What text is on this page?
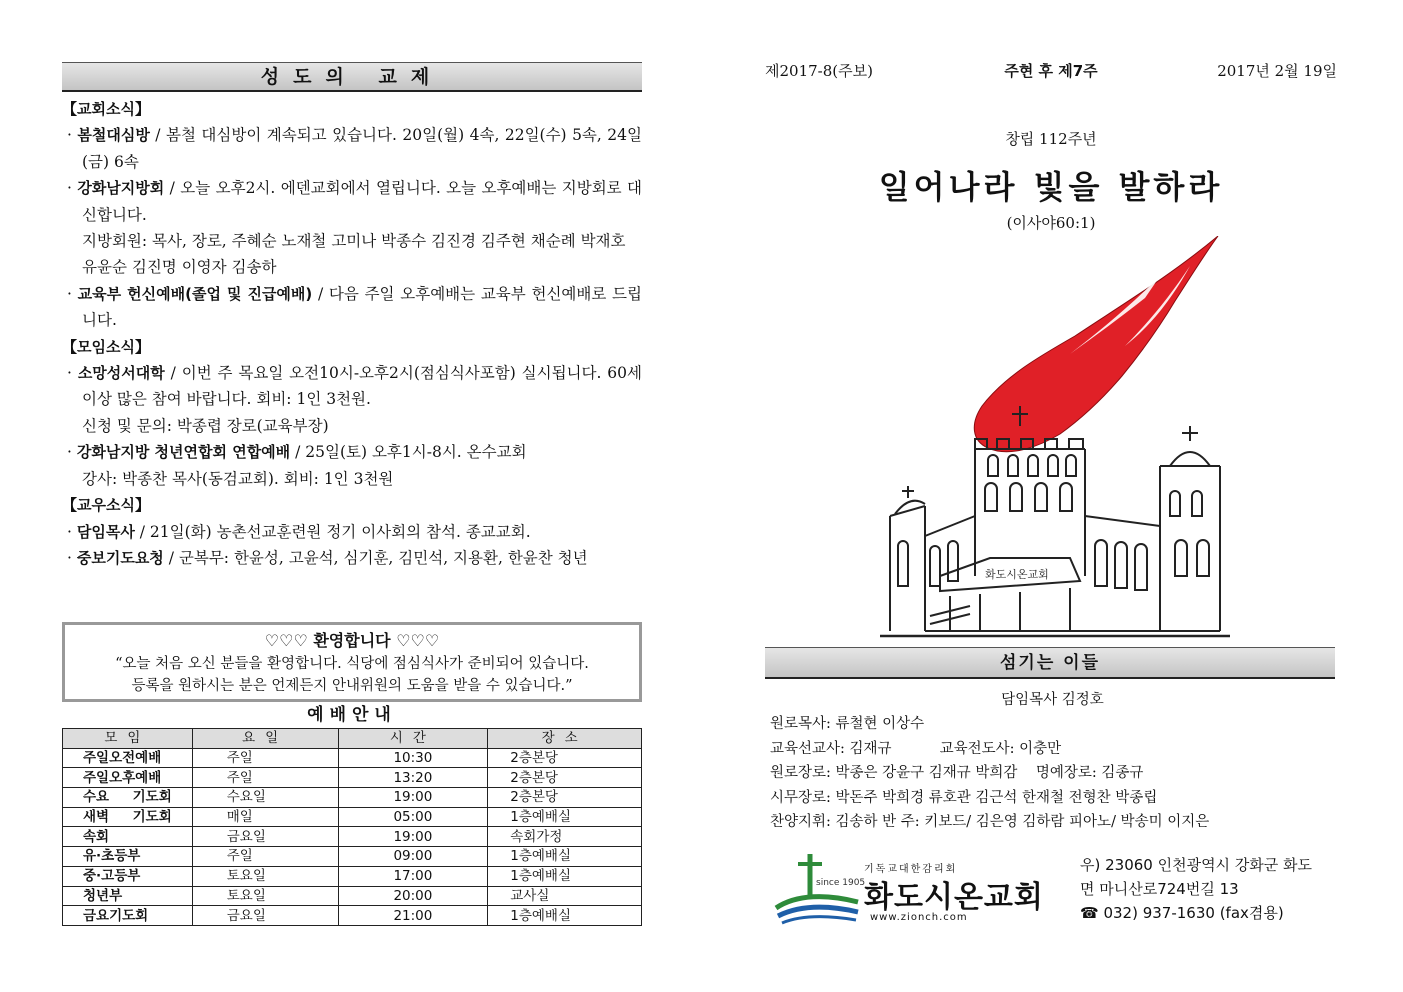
성도의 교제
【교회소식】
· 봄철대심방 / 봄철 대심방이 계속되고 있습니다. 20일(월) 4속, 22일(수) 5속, 24일(금) 6속
· 강화남지방회 / 오늘 오후2시. 에덴교회에서 열립니다. 오늘 오후예배는 지방회로 대신합니다.
지방회원: 목사, 장로, 주혜순 노재철 고미나 박종수 김진경 김주현 채순례 박재호 유윤순 김진명 이영자 김송하
· 교육부 헌신예배(졸업 및 진급예배) / 다음 주일 오후예배는 교육부 헌신예배로 드립니다.
【모임소식】
· 소망성서대학 / 이번 주 목요일 오전10시-오후2시(점심식사포함) 실시됩니다. 60세 이상 많은 참여 바랍니다. 회비: 1인 3천원.
신청 및 문의: 박종렵 장로(교육부장)
· 강화남지방 청년연합회 연합예배 / 25일(토) 오후1시-8시. 온수교회
강사: 박종찬 목사(동검교회). 회비: 1인 3천원
【교우소식】
· 담임목사 / 21일(화) 농촌선교훈련원 정기 이사회의 참석. 종교교회.
· 중보기도요청 / 군복무: 한윤성, 고윤석, 심기훈, 김민석, 지용환, 한윤찬 청년
♡♡♡ 환영합니다 ♡♡♡
“오늘 처음 오신 분들을 환영합니다. 식당에 점심식사가 준비되어 있습니다.
등록을 원하시는 분은 언제든지 안내위원의 도움을 받을 수 있습니다.”
예배안내
모임	요일	시간	장소
주일오전예배	주일	10:30	2층본당
주일오후예배	주일	13:20	2층본당
수요 기도회	수요일	19:00	2층본당
새벽 기도회	매일	05:00	1층예배실
속회	금요일	19:00	속회가정
유·초등부	주일	09:00	1층예배실
중·고등부	토요일	17:00	1층예배실
청년부	토요일	20:00	교사실
금요기도회	금요일	21:00	1층예배실
제2017-8(주보)	주현 후 제7주	2017년 2월 19일
창립 112주년
일어나라 빛을 발하라
(이사야60:1)
화도시온교회
섬기는 이들
담임목사 김정호
원로목사: 류철현 이상수
교육선교사: 김재규	교육전도사: 이충만
원로장로: 박종은 강윤구 김재규 박희감 명예장로: 김종규
시무장로: 박돈주 박희경 류호관 김근석 한재철 전형찬 박종립
찬양지휘: 김송하 반 주: 키보드/ 김은영 김하람 피아노/ 박송미 이지은
since 1905
기독교대한감리회
화도시온교회
www.zionch.com
우) 23060 인천광역시 강화군 화도
면 마니산로724번길 13
☎ 032) 937-1630 (fax겸용)
